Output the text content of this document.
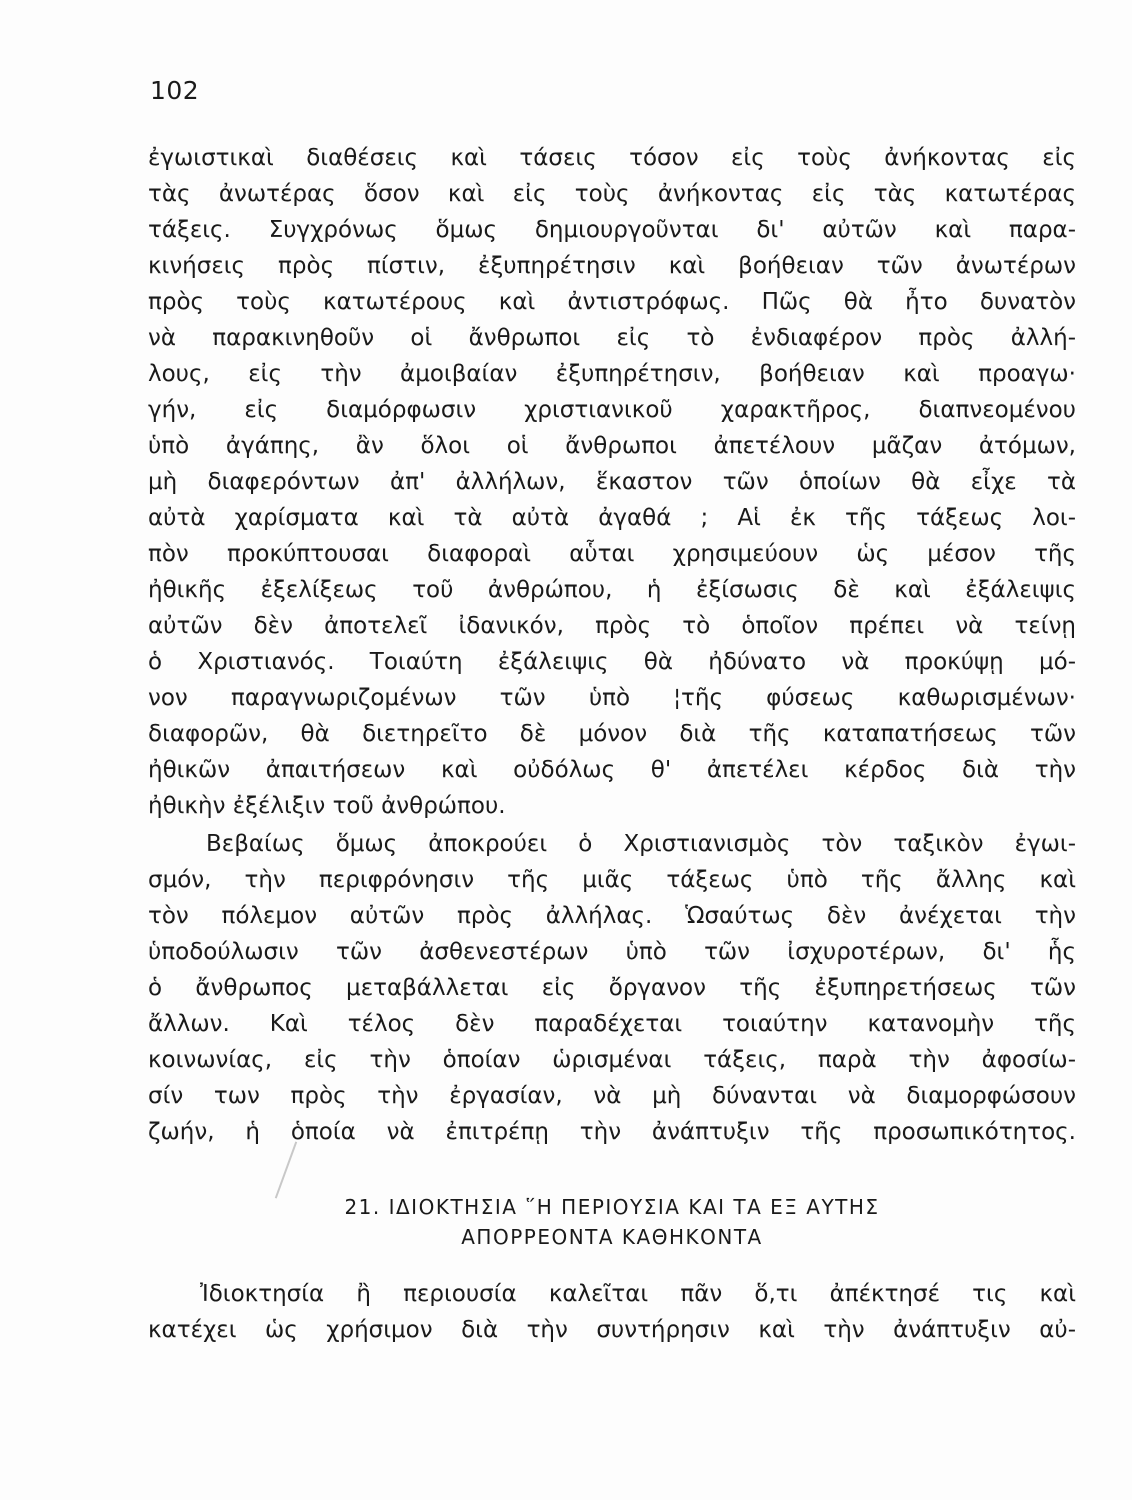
102
ἐγωιστικαὶ διαθέσεις καὶ τάσεις τόσον εἰς τοὺς ἀνήκοντας εἰς
τὰς ἀνωτέρας ὅσον καὶ εἰς τοὺς ἀνήκοντας εἰς τὰς κατωτέρας
τάξεις. Συγχρόνως ὅμως δημιουργοῦνται δι' αὐτῶν καὶ παρα-
κινήσεις πρὸς πίστιν, ἐξυπηρέτησιν καὶ βοήθειαν τῶν ἀνωτέρων
πρὸς τοὺς κατωτέρους καὶ ἀντιστρόφως. Πῶς θὰ ἦτο δυνατὸν
νὰ παρακινηθοῦν οἱ ἄνθρωποι εἰς τὸ ἐνδιαφέρον πρὸς ἀλλή-
λους, εἰς τὴν ἀμοιβαίαν ἐξυπηρέτησιν, βοήθειαν καὶ προαγω·
γήν, εἰς διαμόρφωσιν χριστιανικοῦ χαρακτῆρος, διαπνεομένου
ὑπὸ ἀγάπης, ἂν ὅλοι οἱ ἄνθρωποι ἀπετέλουν μᾶζαν ἀτόμων,
μὴ διαφερόντων ἀπ' ἀλλήλων, ἕκαστον τῶν ὁποίων θὰ εἶχε τὰ
αὐτὰ χαρίσματα καὶ τὰ αὐτὰ ἀγαθά ; Αἱ ἐκ τῆς τάξεως λοι-
πὸν προκύπτουσαι διαφοραὶ αὗται χρησιμεύουν ὡς μέσον τῆς
ἠθικῆς ἐξελίξεως τοῦ ἀνθρώπου, ἡ ἐξίσωσις δὲ καὶ ἐξάλειψις
αὐτῶν δὲν ἀποτελεῖ ἰδανικόν, πρὸς τὸ ὁποῖον πρέπει νὰ τείνῃ
ὁ Χριστιανός. Τοιαύτη ἐξάλειψις θὰ ἠδύνατο νὰ προκύψῃ μό-
νον παραγνωριζομένων τῶν ὑπὸ ¦τῆς φύσεως καθωρισμένων·
διαφορῶν, θὰ διετηρεῖτο δὲ μόνον διὰ τῆς καταπατήσεως τῶν
ἠθικῶν ἀπαιτήσεων καὶ οὐδόλως θ' ἀπετέλει κέρδος διὰ τὴν
ἠθικὴν ἐξέλιξιν τοῦ ἀνθρώπου.
Βεβαίως ὅμως ἀποκρούει ὁ Χριστιανισμὸς τὸν ταξικὸν ἐγωι-
σμόν, τὴν περιφρόνησιν τῆς μιᾶς τάξεως ὑπὸ τῆς ἄλλης καὶ
τὸν πόλεμον αὐτῶν πρὸς ἀλλήλας. Ὡσαύτως δὲν ἀνέχεται τὴν
ὑποδούλωσιν τῶν ἀσθενεστέρων ὑπὸ τῶν ἰσχυροτέρων, δι' ἧς
ὁ ἄνθρωπος μεταβάλλεται εἰς ὄργανον τῆς ἐξυπηρετήσεως τῶν
ἄλλων. Καὶ τέλος δὲν παραδέχεται τοιαύτην κατανομὴν τῆς
κοινωνίας, εἰς τὴν ὁποίαν ὡρισμέναι τάξεις, παρὰ τὴν ἀφοσίω-
σίν των πρὸς τὴν ἐργασίαν, νὰ μὴ δύνανται νὰ διαμορφώσουν
ζωήν, ἡ ὁποία νὰ ἐπιτρέπῃ τὴν ἀνάπτυξιν τῆς προσωπικότητος.
21. ΙΔΙΟΚΤΗΣΙΑ ῞Η ΠΕΡΙΟΥΣΙΑ ΚΑΙ ΤΑ ΕΞ ΑΥΤΗΣ
ΑΠΟΡΡΕΟΝΤΑ ΚΑΘΗΚΟΝΤΑ
Ἰδιοκτησία ἢ περιουσία καλεῖται πᾶν ὅ,τι ἀπέκτησέ τις καὶ
κατέχει ὡς χρήσιμον διὰ τὴν συντήρησιν καὶ τὴν ἀνάπτυξιν αὐ-
